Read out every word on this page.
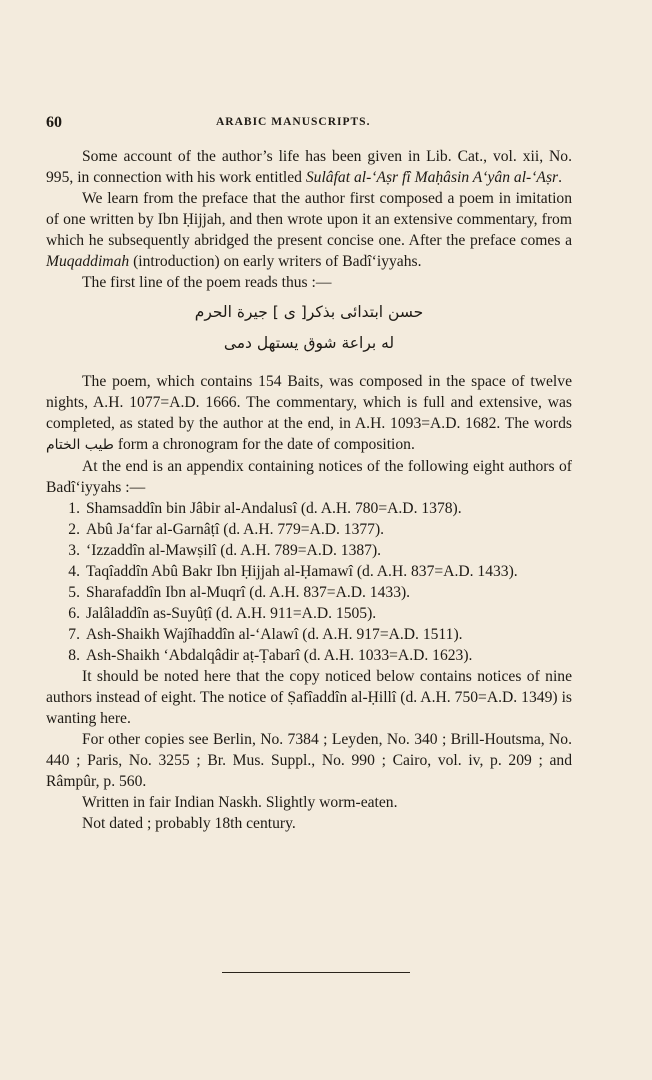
60	ARABIC MANUSCRIPTS.

Some account of the author’s life has been given in Lib. Cat., vol. xii, No. 995, in connection with his work entitled Sulâfat al-‘Aṣr fî Maḥâsin A‘yân al-‘Aṣr.

We learn from the preface that the author first composed a poem in imitation of one written by Ibn Ḥijjah, and then wrote upon it an extensive commentary, from which he subsequently abridged the present concise one. After the preface comes a Muqaddimah (introduction) on early writers of Badî‘iyyahs.

The first line of the poem reads thus :—

حسن ابتدائى بذكر[ ى ] جيرة الحرم
له براعة شوق يستهل دمى

The poem, which contains 154 Baits, was composed in the space of twelve nights, A.H. 1077=A.D. 1666. The commentary, which is full and extensive, was completed, as stated by the author at the end, in A.H. 1093=A.D. 1682. The words طيب الختام form a chronogram for the date of composition.

At the end is an appendix containing notices of the following eight authors of Badî‘iyyahs :—

1. Shamsaddîn bin Jâbir al-Andalusî (d. A.H. 780=A.D. 1378).
2. Abû Ja‘far al-Garnâṭî (d. A.H. 779=A.D. 1377).
3. ‘Izzaddîn al-Mawṣilî (d. A.H. 789=A.D. 1387).
4. Taqîaddîn Abû Bakr Ibn Ḥijjah al-Ḥamawî (d. A.H. 837=A.D. 1433).
5. Sharafaddîn Ibn al-Muqrî (d. A.H. 837=A.D. 1433).
6. Jalâladdîn as-Suyûṭî (d. A.H. 911=A.D. 1505).
7. Ash-Shaikh Wajîhaddîn al-‘Alawî (d. A.H. 917=A.D. 1511).
8. Ash-Shaikh ‘Abdalqâdir aṭ-Ṭabarî (d. A.H. 1033=A.D. 1623).

It should be noted here that the copy noticed below contains notices of nine authors instead of eight. The notice of Ṣafîaddîn al-Ḥillî (d. A.H. 750=A.D. 1349) is wanting here.

For other copies see Berlin, No. 7384 ; Leyden, No. 340 ; Brill-Houtsma, No. 440 ; Paris, No. 3255 ; Br. Mus. Suppl., No. 990 ; Cairo, vol. iv, p. 209 ; and Râmpûr, p. 560.

Written in fair Indian Naskh. Slightly worm-eaten.

Not dated ; probably 18th century.
